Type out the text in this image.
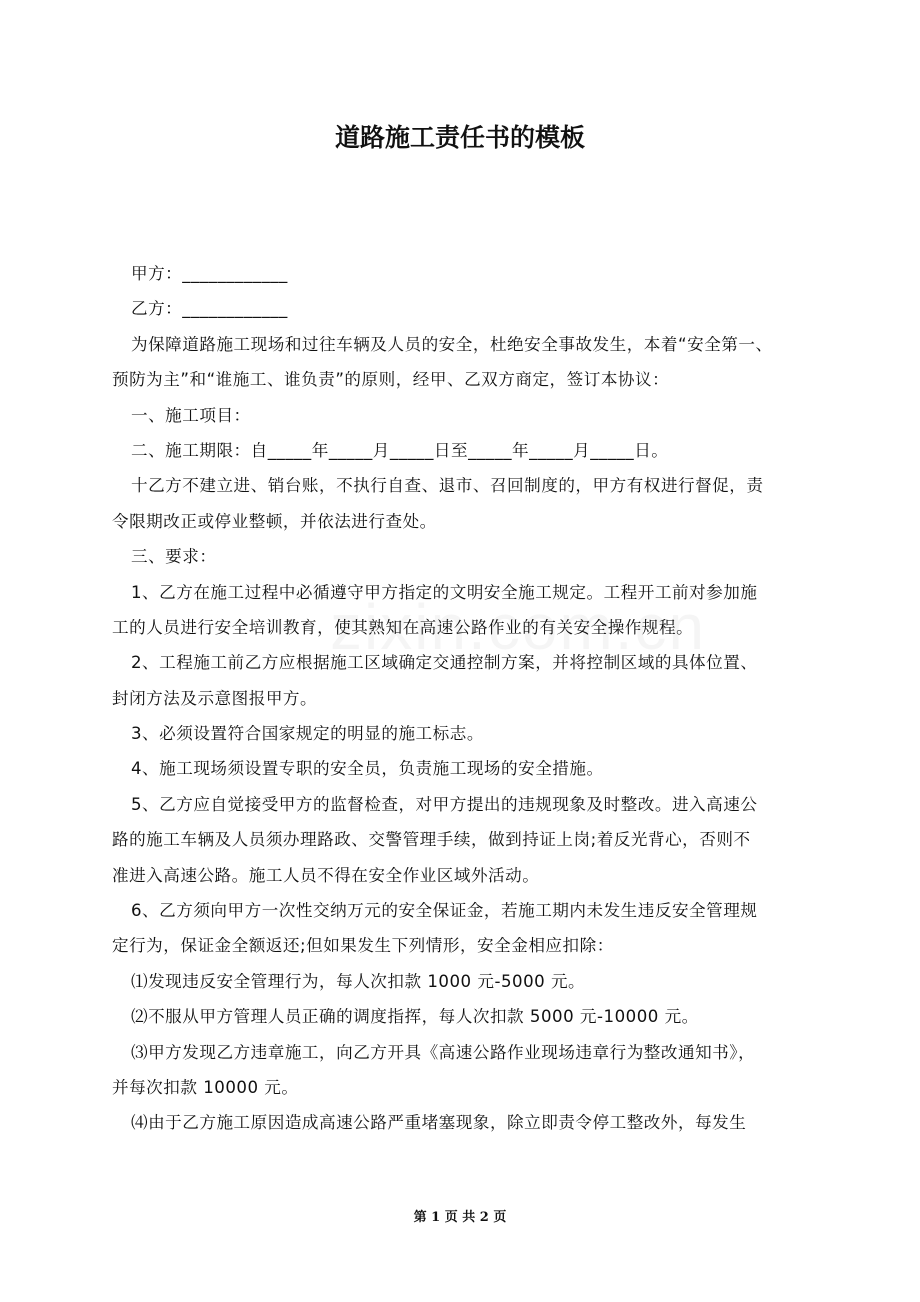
道路施工责任书的模板
甲方：____________
乙方：____________
为保障道路施工现场和过往车辆及人员的安全，杜绝安全事故发生，本着“安全第一、
预防为主”和“谁施工、谁负责”的原则，经甲、乙双方商定，签订本协议：
一、施工项目：
二、施工期限：自_____年_____月_____日至_____年_____月_____日。
十乙方不建立进、销台账，不执行自查、退市、召回制度的，甲方有权进行督促，责
令限期改正或停业整顿，并依法进行查处。
三、要求：
1、乙方在施工过程中必循遵守甲方指定的文明安全施工规定。工程开工前对参加施
工的人员进行安全培训教育，使其熟知在高速公路作业的有关安全操作规程。
2、工程施工前乙方应根据施工区域确定交通控制方案，并将控制区域的具体位置、
封闭方法及示意图报甲方。
3、必须设置符合国家规定的明显的施工标志。
4、施工现场须设置专职的安全员，负责施工现场的安全措施。
5、乙方应自觉接受甲方的监督检查，对甲方提出的违规现象及时整改。进入高速公
路的施工车辆及人员须办理路政、交警管理手续，做到持证上岗;着反光背心，否则不
准进入高速公路。施工人员不得在安全作业区域外活动。
6、乙方须向甲方一次性交纳万元的安全保证金，若施工期内未发生违反安全管理规
定行为，保证金全额返还;但如果发生下列情形，安全金相应扣除：
⑴发现违反安全管理行为，每人次扣款 1000 元-5000 元。
⑵不服从甲方管理人员正确的调度指挥，每人次扣款 5000 元-10000 元。
⑶甲方发现乙方违章施工，向乙方开具《高速公路作业现场违章行为整改通知书》，
并每次扣款 10000 元。
⑷由于乙方施工原因造成高速公路严重堵塞现象，除立即责令停工整改外，每发生
第 1 页 共 2 页
